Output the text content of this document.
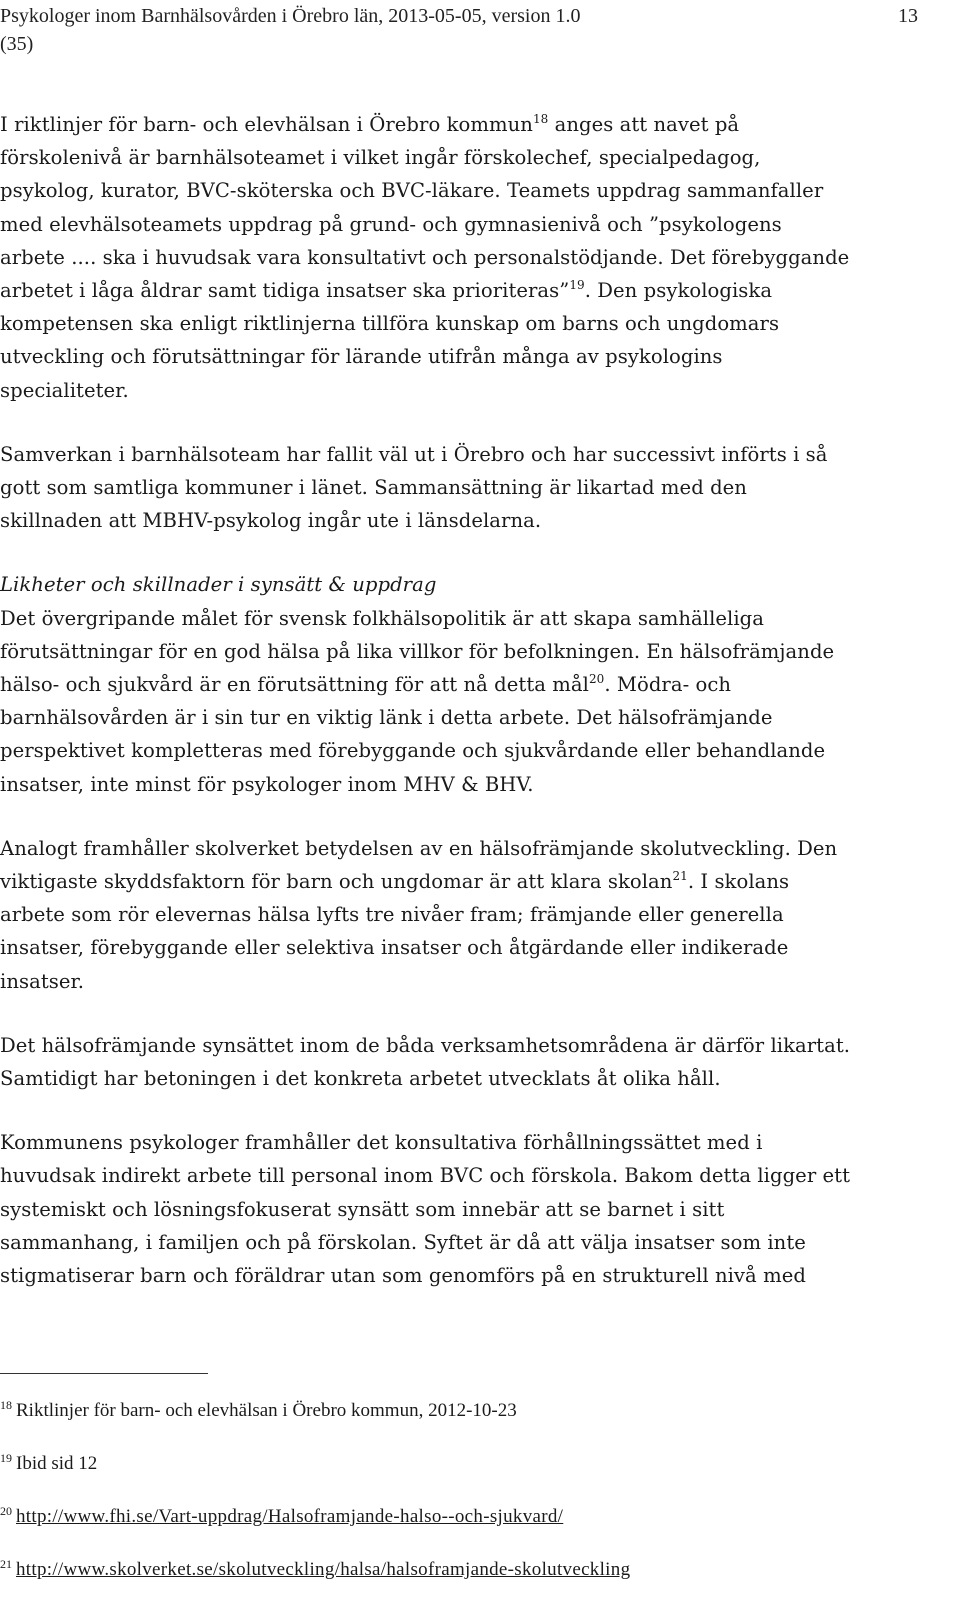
Psykologer inom Barnhälsovården i Örebro län, 2013-05-05, version 1.0	13
(35)

I riktlinjer för barn- och elevhälsan i Örebro kommun$^{18}$ anges att navet på
förskolenivå är barnhälsoteamet i vilket ingår förskolechef, specialpedagog,
psykolog, kurator, BVC-sköterska och BVC-läkare. Teamets uppdrag sammanfaller
med elevhälsoteamets uppdrag på grund- och gymnasienivå och ”psykologens
arbete .... ska i huvudsak vara konsultativt och personalstödjande. Det förebyggande
arbetet i låga åldrar samt tidiga insatser ska prioriteras”$^{19}$. Den psykologiska
kompetensen ska enligt riktlinjerna tillföra kunskap om barns och ungdomars
utveckling och förutsättningar för lärande utifrån många av psykologins
specialiteter.

Samverkan i barnhälsoteam har fallit väl ut i Örebro och har successivt införts i så
gott som samtliga kommuner i länet. Sammansättning är likartad med den
skillnaden att MBHV-psykolog ingår ute i länsdelarna.

Likheter och skillnader i synsätt & uppdrag
Det övergripande målet för svensk folkhälsopolitik är att skapa samhälleliga
förutsättningar för en god hälsa på lika villkor för befolkningen. En hälsofrämjande
hälso- och sjukvård är en förutsättning för att nå detta mål$^{20}$. Mödra- och
barnhälsovården är i sin tur en viktig länk i detta arbete. Det hälsofrämjande
perspektivet kompletteras med förebyggande och sjukvårdande eller behandlande
insatser, inte minst för psykologer inom MHV & BHV.

Analogt framhåller skolverket betydelsen av en hälsofrämjande skolutveckling. Den
viktigaste skyddsfaktorn för barn och ungdomar är att klara skolan$^{21}$. I skolans
arbete som rör elevernas hälsa lyfts tre nivåer fram; främjande eller generella
insatser, förebyggande eller selektiva insatser och åtgärdande eller indikerade
insatser.

Det hälsofrämjande synsättet inom de båda verksamhetsområdena är därför likartat.
Samtidigt har betoningen i det konkreta arbetet utvecklats åt olika håll.

Kommunens psykologer framhåller det konsultativa förhållningssättet med i
huvudsak indirekt arbete till personal inom BVC och förskola. Bakom detta ligger ett
systemiskt och lösningsfokuserat synsätt som innebär att se barnet i sitt
sammanhang, i familjen och på förskolan. Syftet är då att välja insatser som inte
stigmatiserar barn och föräldrar utan som genomförs på en strukturell nivå med

$^{18}$ Riktlinjer för barn- och elevhälsan i Örebro kommun, 2012-10-23
$^{19}$ Ibid sid 12
$^{20}$ http://www.fhi.se/Vart-uppdrag/Halsoframjande-halso--och-sjukvard/
$^{21}$ http://www.skolverket.se/skolutveckling/halsa/halsoframjande-skolutveckling
